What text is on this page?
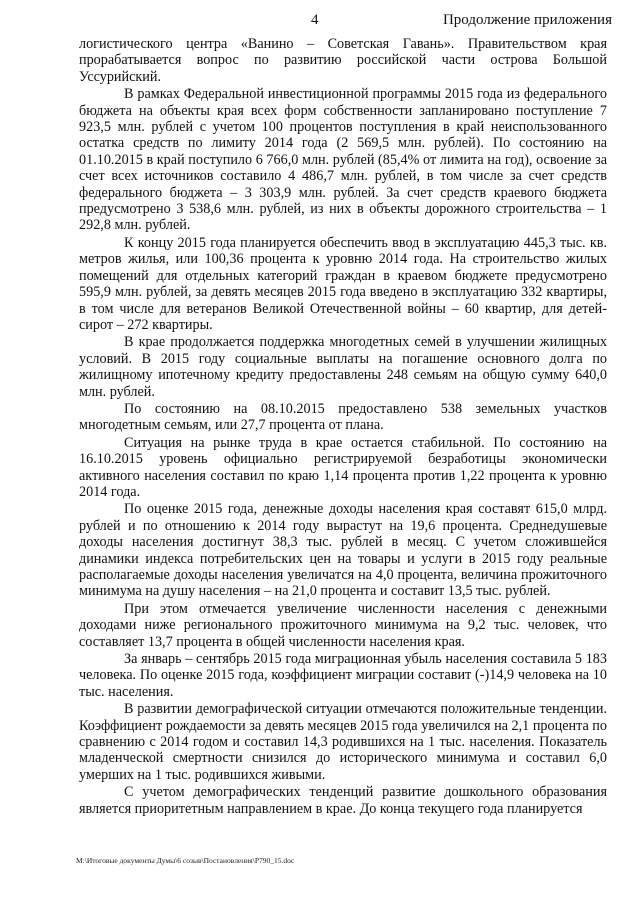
4	Продолжение приложения

логистического центра «Ванино – Советская Гавань». Правительством края прорабатывается вопрос по развитию российской части острова Большой Уссурийский.

В рамках Федеральной инвестиционной программы 2015 года из федерального бюджета на объекты края всех форм собственности запланировано поступление 7 923,5 млн. рублей с учетом 100 процентов поступления в край неиспользованного остатка средств по лимиту 2014 года (2 569,5 млн. рублей). По состоянию на 01.10.2015 в край поступило 6 766,0 млн. рублей (85,4% от лимита на год), освоение за счет всех источников составило 4 486,7 млн. рублей, в том числе за счет средств федерального бюджета – 3 303,9 млн. рублей. За счет средств краевого бюджета предусмотрено 3 538,6 млн. рублей, из них в объекты дорожного строительства – 1 292,8 млн. рублей.

К концу 2015 года планируется обеспечить ввод в эксплуатацию 445,3 тыс. кв. метров жилья, или 100,36 процента к уровню 2014 года. На строительство жилых помещений для отдельных категорий граждан в краевом бюджете предусмотрено 595,9 млн. рублей, за девять месяцев 2015 года введено в эксплуатацию 332 квартиры, в том числе для ветеранов Великой Отечественной войны – 60 квартир, для детей-сирот – 272 квартиры.

В крае продолжается поддержка многодетных семей в улучшении жилищных условий. В 2015 году социальные выплаты на погашение основного долга по жилищному ипотечному кредиту предоставлены 248 семьям на общую сумму 640,0 млн. рублей.

По состоянию на 08.10.2015 предоставлено 538 земельных участков многодетным семьям, или 27,7 процента от плана.

Ситуация на рынке труда в крае остается стабильной. По состоянию на 16.10.2015 уровень официально регистрируемой безработицы экономически активного населения составил по краю 1,14 процента против 1,22 процента к уровню 2014 года.

По оценке 2015 года, денежные доходы населения края составят 615,0 млрд. рублей и по отношению к 2014 году вырастут на 19,6 процента. Среднедушевые доходы населения достигнут 38,3 тыс. рублей в месяц. С учетом сложившейся динамики индекса потребительских цен на товары и услуги в 2015 году реальные располагаемые доходы населения увеличатся на 4,0 процента, величина прожиточного минимума на душу населения – на 21,0 процента и составит 13,5 тыс. рублей.

При этом отмечается увеличение численности населения с денежными доходами ниже регионального прожиточного минимума на 9,2 тыс. человек, что составляет 13,7 процента в общей численности населения края.

За январь – сентябрь 2015 года миграционная убыль населения составила 5 183 человека. По оценке 2015 года, коэффициент миграции составит (-)14,9 человека на 10 тыс. населения.

В развитии демографической ситуации отмечаются положительные тенденции. Коэффициент рождаемости за девять месяцев 2015 года увеличился на 2,1 процента по сравнению с 2014 годом и составил 14,3 родившихся на 1 тыс. населения. Показатель младенческой смертности снизился до исторического минимума и составил 6,0 умерших на 1 тыс. родившихся живыми.

С учетом демографических тенденций развитие дошкольного образования является приоритетным направлением в крае. До конца текущего года планируется

M:\Итоговые документы Думы\6 созыв\Постановления\Р790_15.doc
